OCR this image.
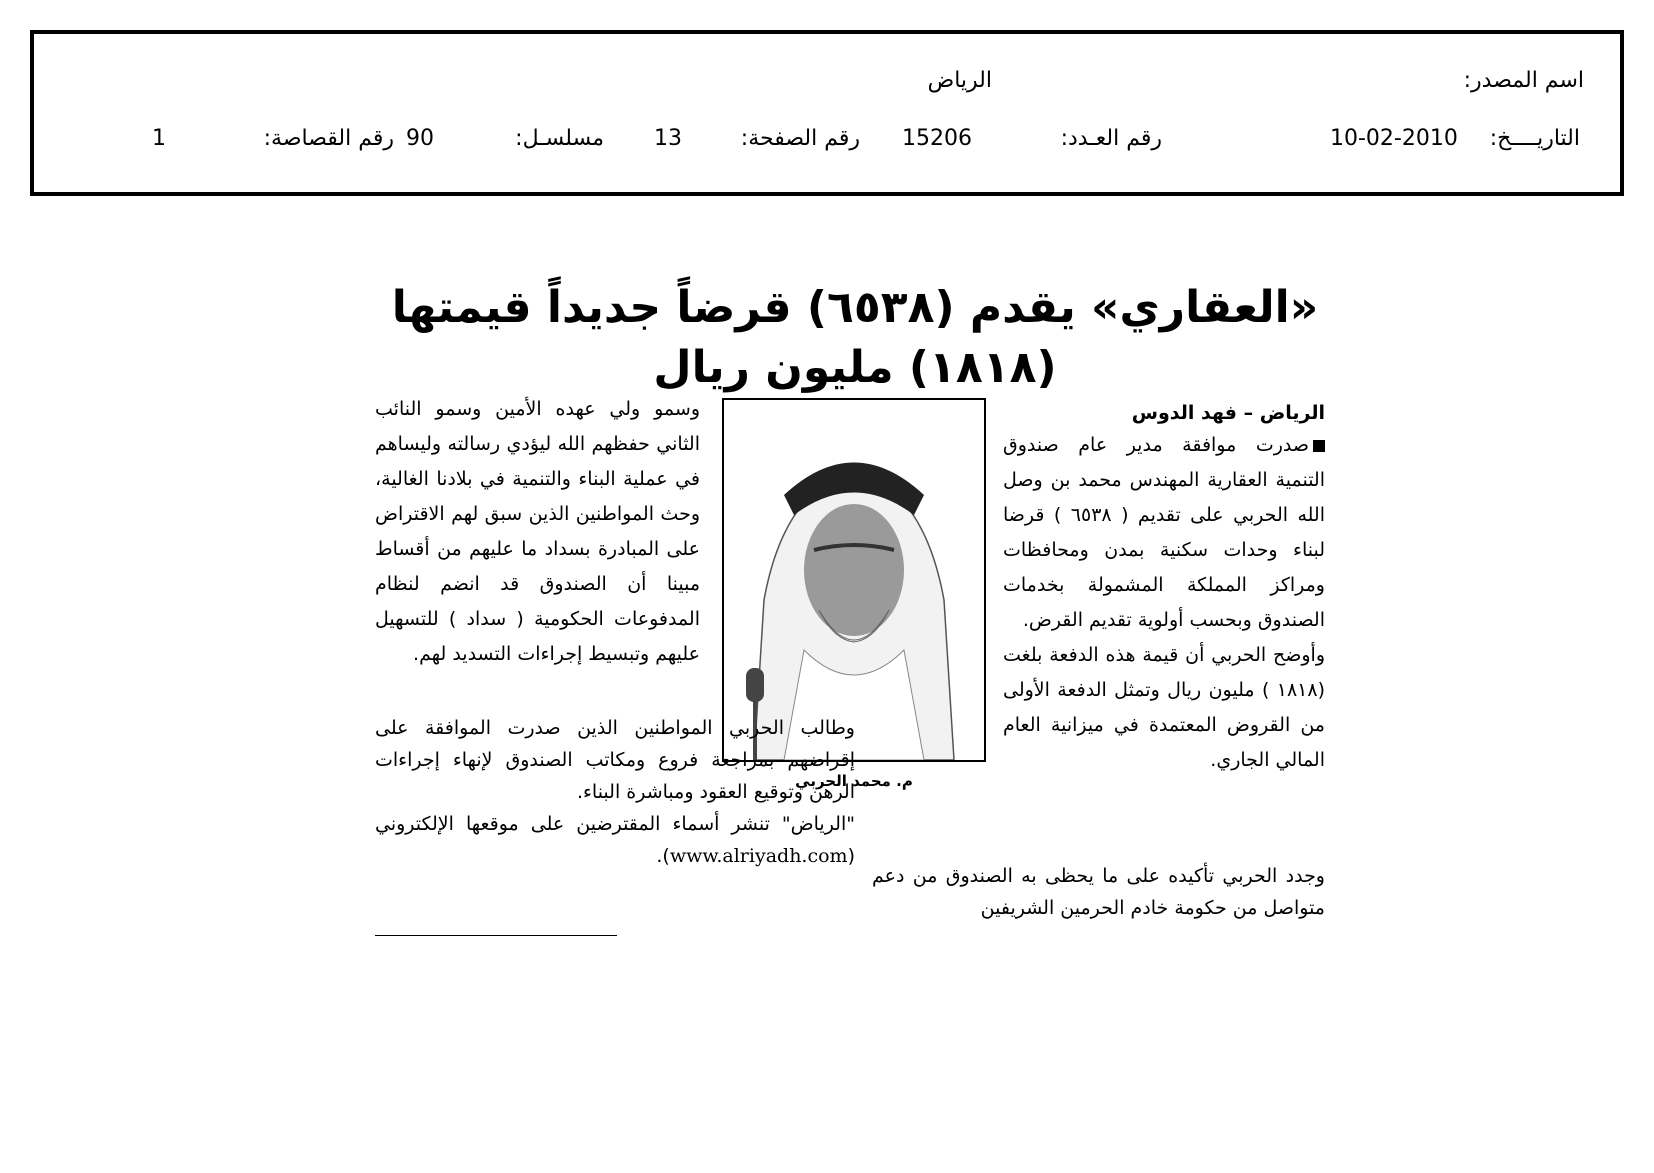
اسم المصدر:
الرياض
التاريــــخ:
10-02-2010
رقم العـدد:
15206
رقم الصفحة:
13
مسلسـل:
90
رقم القصاصة:
1
«العقاري» يقدم (٦٥٣٨) قرضاً جديداً قيمتها (١٨١٨) مليون ريال
الرياض – فهد الدوس

صدرت موافقة مدير عام صندوق التنمية العقارية المهندس محمد بن وصل الله الحربي على تقديم ( ٦٥٣٨ ) قرضا لبناء وحدات سكنية بمدن ومحافظات ومراكز المملكة المشمولة بخدمات الصندوق وبحسب أولوية تقديم القرض.

وأوضح الحربي أن قيمة هذه الدفعة بلغت (١٨١٨ ) مليون ريال وتمثل الدفعة الأولى من القروض المعتمدة في ميزانية العام المالي الجاري.

م. محمد الحربي

وسمو ولي عهده الأمين وسمو النائب الثاني حفظهم الله ليؤدي رسالته وليساهم في عملية البناء والتنمية في بلادنا الغالية، وحث المواطنين الذين سبق لهم الاقتراض على المبادرة بسداد ما عليهم من أقساط مبينا أن الصندوق قد انضم لنظام المدفوعات الحكومية ( سداد ) للتسهيل عليهم وتبسيط إجراءات التسديد لهم.

وطالب الحربي المواطنين الذين صدرت الموافقة على إقراضهم بمراجعة فروع ومكاتب الصندوق لإنهاء إجراءات الرهن وتوقيع العقود ومباشرة البناء.

"الرياض" تنشر أسماء المقترضين على موقعها الإلكتروني (www.alriyadh.com).

وجدد الحربي تأكيده على ما يحظى به الصندوق من دعم متواصل من حكومة خادم الحرمين الشريفين
